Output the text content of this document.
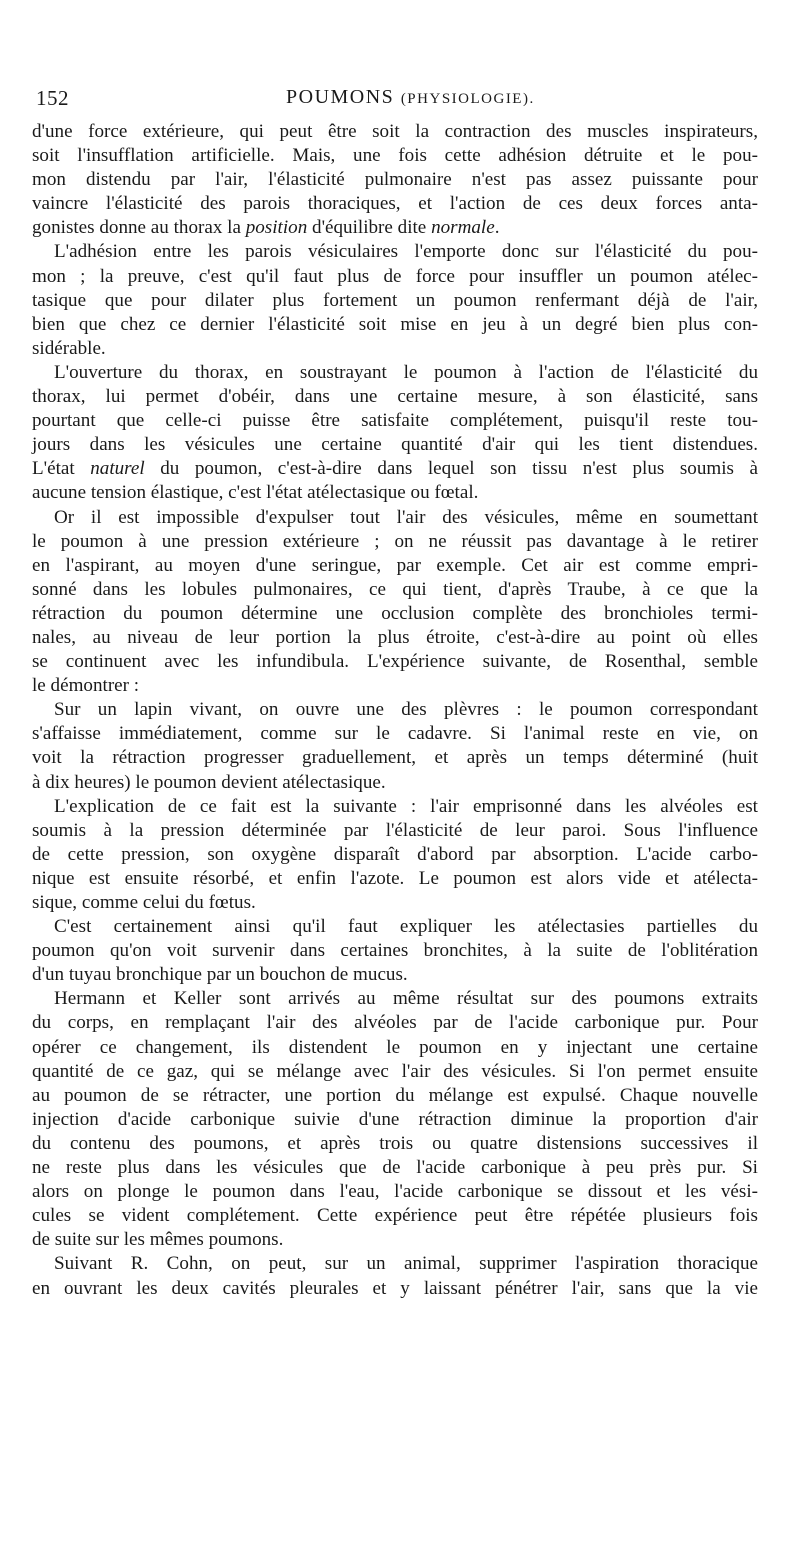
152	POUMONS (PHYSIOLOGIE).
d'une force extérieure, qui peut être soit la contraction des muscles inspirateurs,
soit l'insufflation artificielle. Mais, une fois cette adhésion détruite et le pou-
mon distendu par l'air, l'élasticité pulmonaire n'est pas assez puissante pour
vaincre l'élasticité des parois thoraciques, et l'action de ces deux forces anta-
gonistes donne au thorax la position d'équilibre dite normale.
L'adhésion entre les parois vésiculaires l'emporte donc sur l'élasticité du pou-
mon ; la preuve, c'est qu'il faut plus de force pour insuffler un poumon atélec-
tasique que pour dilater plus fortement un poumon renfermant déjà de l'air,
bien que chez ce dernier l'élasticité soit mise en jeu à un degré bien plus con-
sidérable.
L'ouverture du thorax, en soustrayant le poumon à l'action de l'élasticité du
thorax, lui permet d'obéir, dans une certaine mesure, à son élasticité, sans
pourtant que celle-ci puisse être satisfaite complétement, puisqu'il reste tou-
jours dans les vésicules une certaine quantité d'air qui les tient distendues.
L'état naturel du poumon, c'est-à-dire dans lequel son tissu n'est plus soumis à
aucune tension élastique, c'est l'état atélectasique ou fœtal.
Or il est impossible d'expulser tout l'air des vésicules, même en soumettant
le poumon à une pression extérieure ; on ne réussit pas davantage à le retirer
en l'aspirant, au moyen d'une seringue, par exemple. Cet air est comme empri-
sonné dans les lobules pulmonaires, ce qui tient, d'après Traube, à ce que la
rétraction du poumon détermine une occlusion complète des bronchioles termi-
nales, au niveau de leur portion la plus étroite, c'est-à-dire au point où elles
se continuent avec les infundibula. L'expérience suivante, de Rosenthal, semble
le démontrer :
Sur un lapin vivant, on ouvre une des plèvres : le poumon correspondant
s'affaisse immédiatement, comme sur le cadavre. Si l'animal reste en vie, on
voit la rétraction progresser graduellement, et après un temps déterminé (huit
à dix heures) le poumon devient atélectasique.
L'explication de ce fait est la suivante : l'air emprisonné dans les alvéoles est
soumis à la pression déterminée par l'élasticité de leur paroi. Sous l'influence
de cette pression, son oxygène disparaît d'abord par absorption. L'acide carbo-
nique est ensuite résorbé, et enfin l'azote. Le poumon est alors vide et atélecta-
sique, comme celui du fœtus.
C'est certainement ainsi qu'il faut expliquer les atélectasies partielles du
poumon qu'on voit survenir dans certaines bronchites, à la suite de l'oblitération
d'un tuyau bronchique par un bouchon de mucus.
Hermann et Keller sont arrivés au même résultat sur des poumons extraits
du corps, en remplaçant l'air des alvéoles par de l'acide carbonique pur. Pour
opérer ce changement, ils distendent le poumon en y injectant une certaine
quantité de ce gaz, qui se mélange avec l'air des vésicules. Si l'on permet ensuite
au poumon de se rétracter, une portion du mélange est expulsé. Chaque nouvelle
injection d'acide carbonique suivie d'une rétraction diminue la proportion d'air
du contenu des poumons, et après trois ou quatre distensions successives il
ne reste plus dans les vésicules que de l'acide carbonique à peu près pur. Si
alors on plonge le poumon dans l'eau, l'acide carbonique se dissout et les vési-
cules se vident complétement. Cette expérience peut être répétée plusieurs fois
de suite sur les mêmes poumons.
Suivant R. Cohn, on peut, sur un animal, supprimer l'aspiration thoracique
en ouvrant les deux cavités pleurales et y laissant pénétrer l'air, sans que la vie
